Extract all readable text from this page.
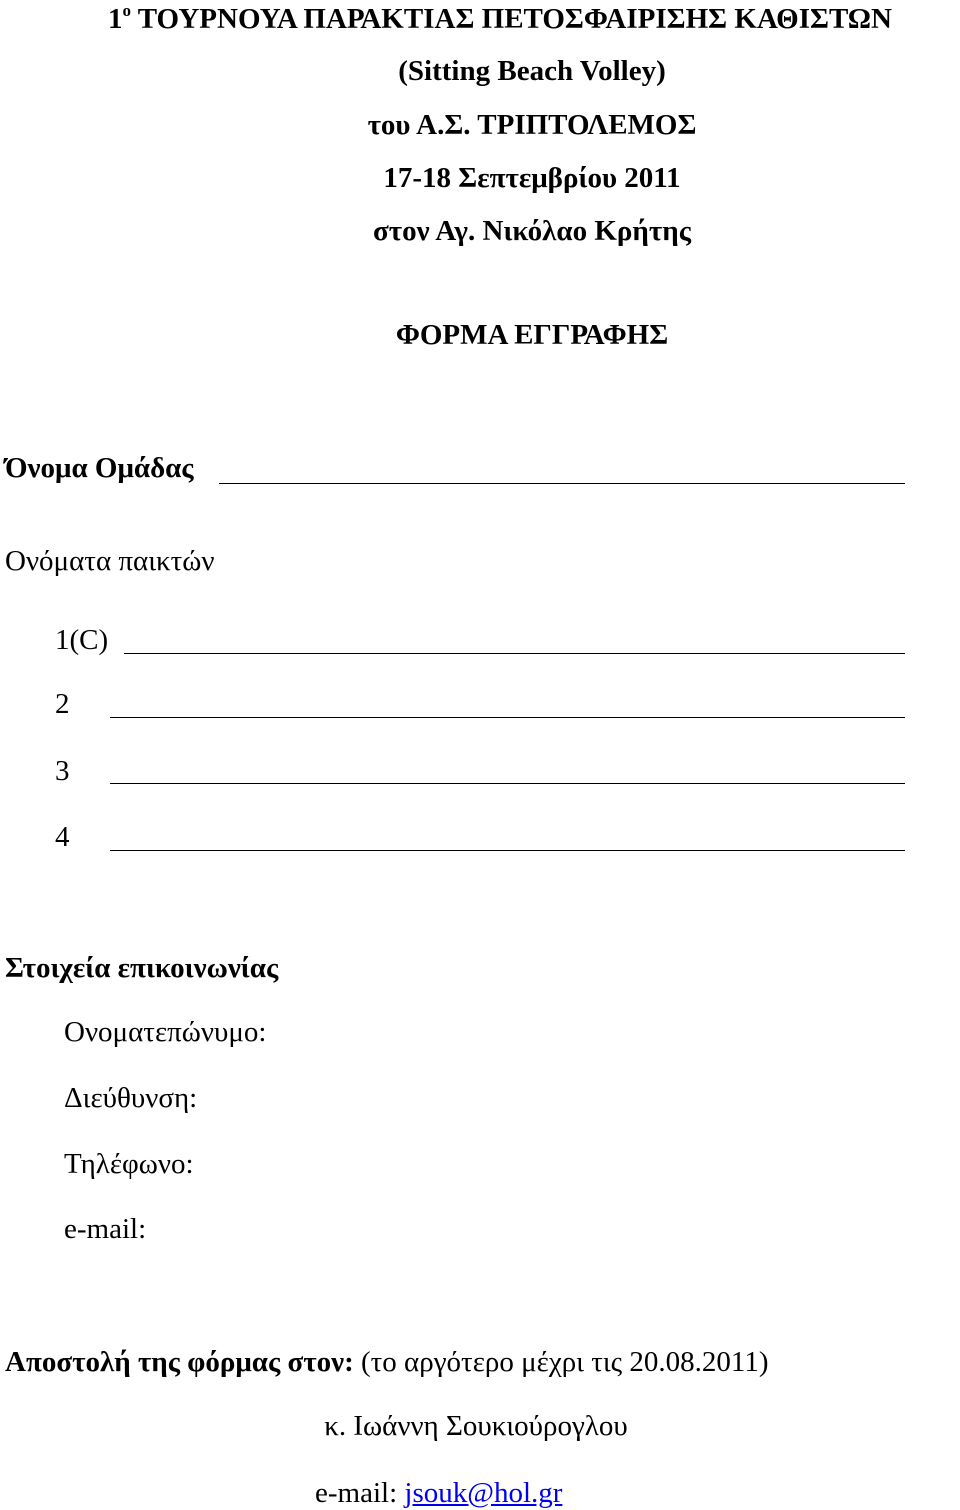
$1^o$ ΤΟΥΡΝΟΥΑ ΠΑΡΑΚΤΙΑΣ ΠΕΤΟΣΦΑΙΡΙΣΗΣ ΚΑΘΙΣΤΩΝ
(Sitting Beach Volley)
του Α.Σ. ΤΡΙΠΤΟΛΕΜΟΣ
17-18 Σεπτεμβρίου 2011
στον Αγ. Νικόλαο Κρήτης
ΦΟΡΜΑ ΕΓΓΡΑΦΗΣ
Όνομα Ομάδας
Ονόματα παικτών
1(C)
2
3
4
Στοιχεία επικοινωνίας
Ονοματεπώνυμο:
Διεύθυνση:
Τηλέφωνο:
e-mail:
Αποστολή της φόρμας στον: (το αργότερο μέχρι τις 20.08.2011)
κ. Ιωάννη Σουκιούρογλου
e-mail: jsouk@hol.gr
